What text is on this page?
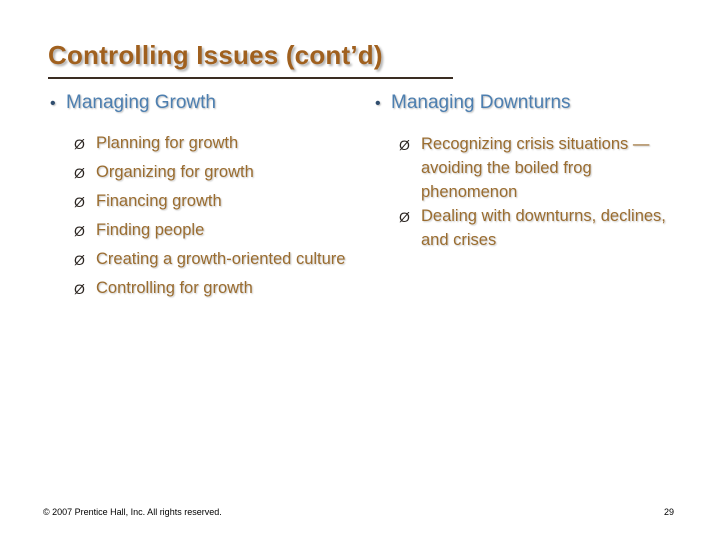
Controlling Issues (cont’d)
• Managing Growth
Ø Planning for growth
Ø Organizing for growth
Ø Financing growth
Ø Finding people
Ø Creating a growth-oriented culture
Ø Controlling for growth
• Managing Downturns
Ø Recognizing crisis situations —avoiding the boiled frog phenomenon
Ø Dealing with downturns, declines, and crises
© 2007 Prentice Hall, Inc. All rights reserved.	29
